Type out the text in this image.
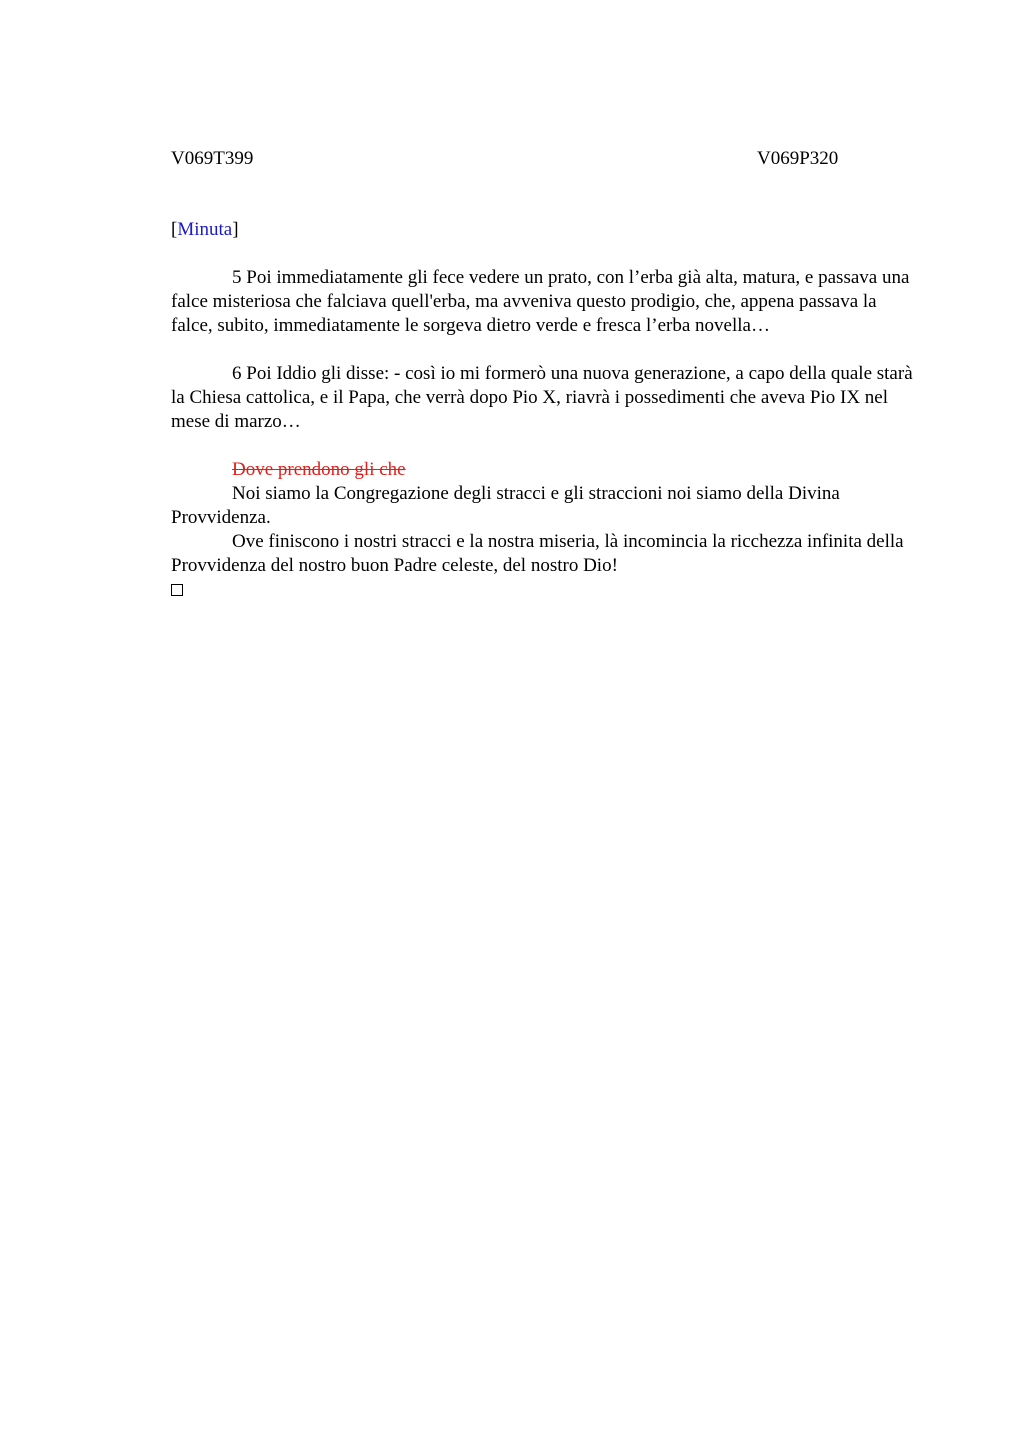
V069T399	V069P320

[Minuta]

5 Poi immediatamente gli fece vedere un prato, con l’erba già alta, matura, e passava una falce misteriosa che falciava quell'erba, ma avveniva questo prodigio, che, appena passava la falce, subito, immediatamente le sorgeva dietro verde e fresca l’erba novella…

6 Poi Iddio gli disse: - così io mi formerò una nuova generazione, a capo della quale starà la Chiesa cattolica, e il Papa, che verrà dopo Pio X, riavrà i possedimenti che aveva Pio IX nel mese di marzo…

Dove prendono gli che

Noi siamo la Congregazione degli stracci e gli straccioni noi siamo della Divina Provvidenza.

Ove finiscono i nostri stracci e la nostra miseria, là incomincia la ricchezza infinita della Provvidenza del nostro buon Padre celeste, del nostro Dio!
